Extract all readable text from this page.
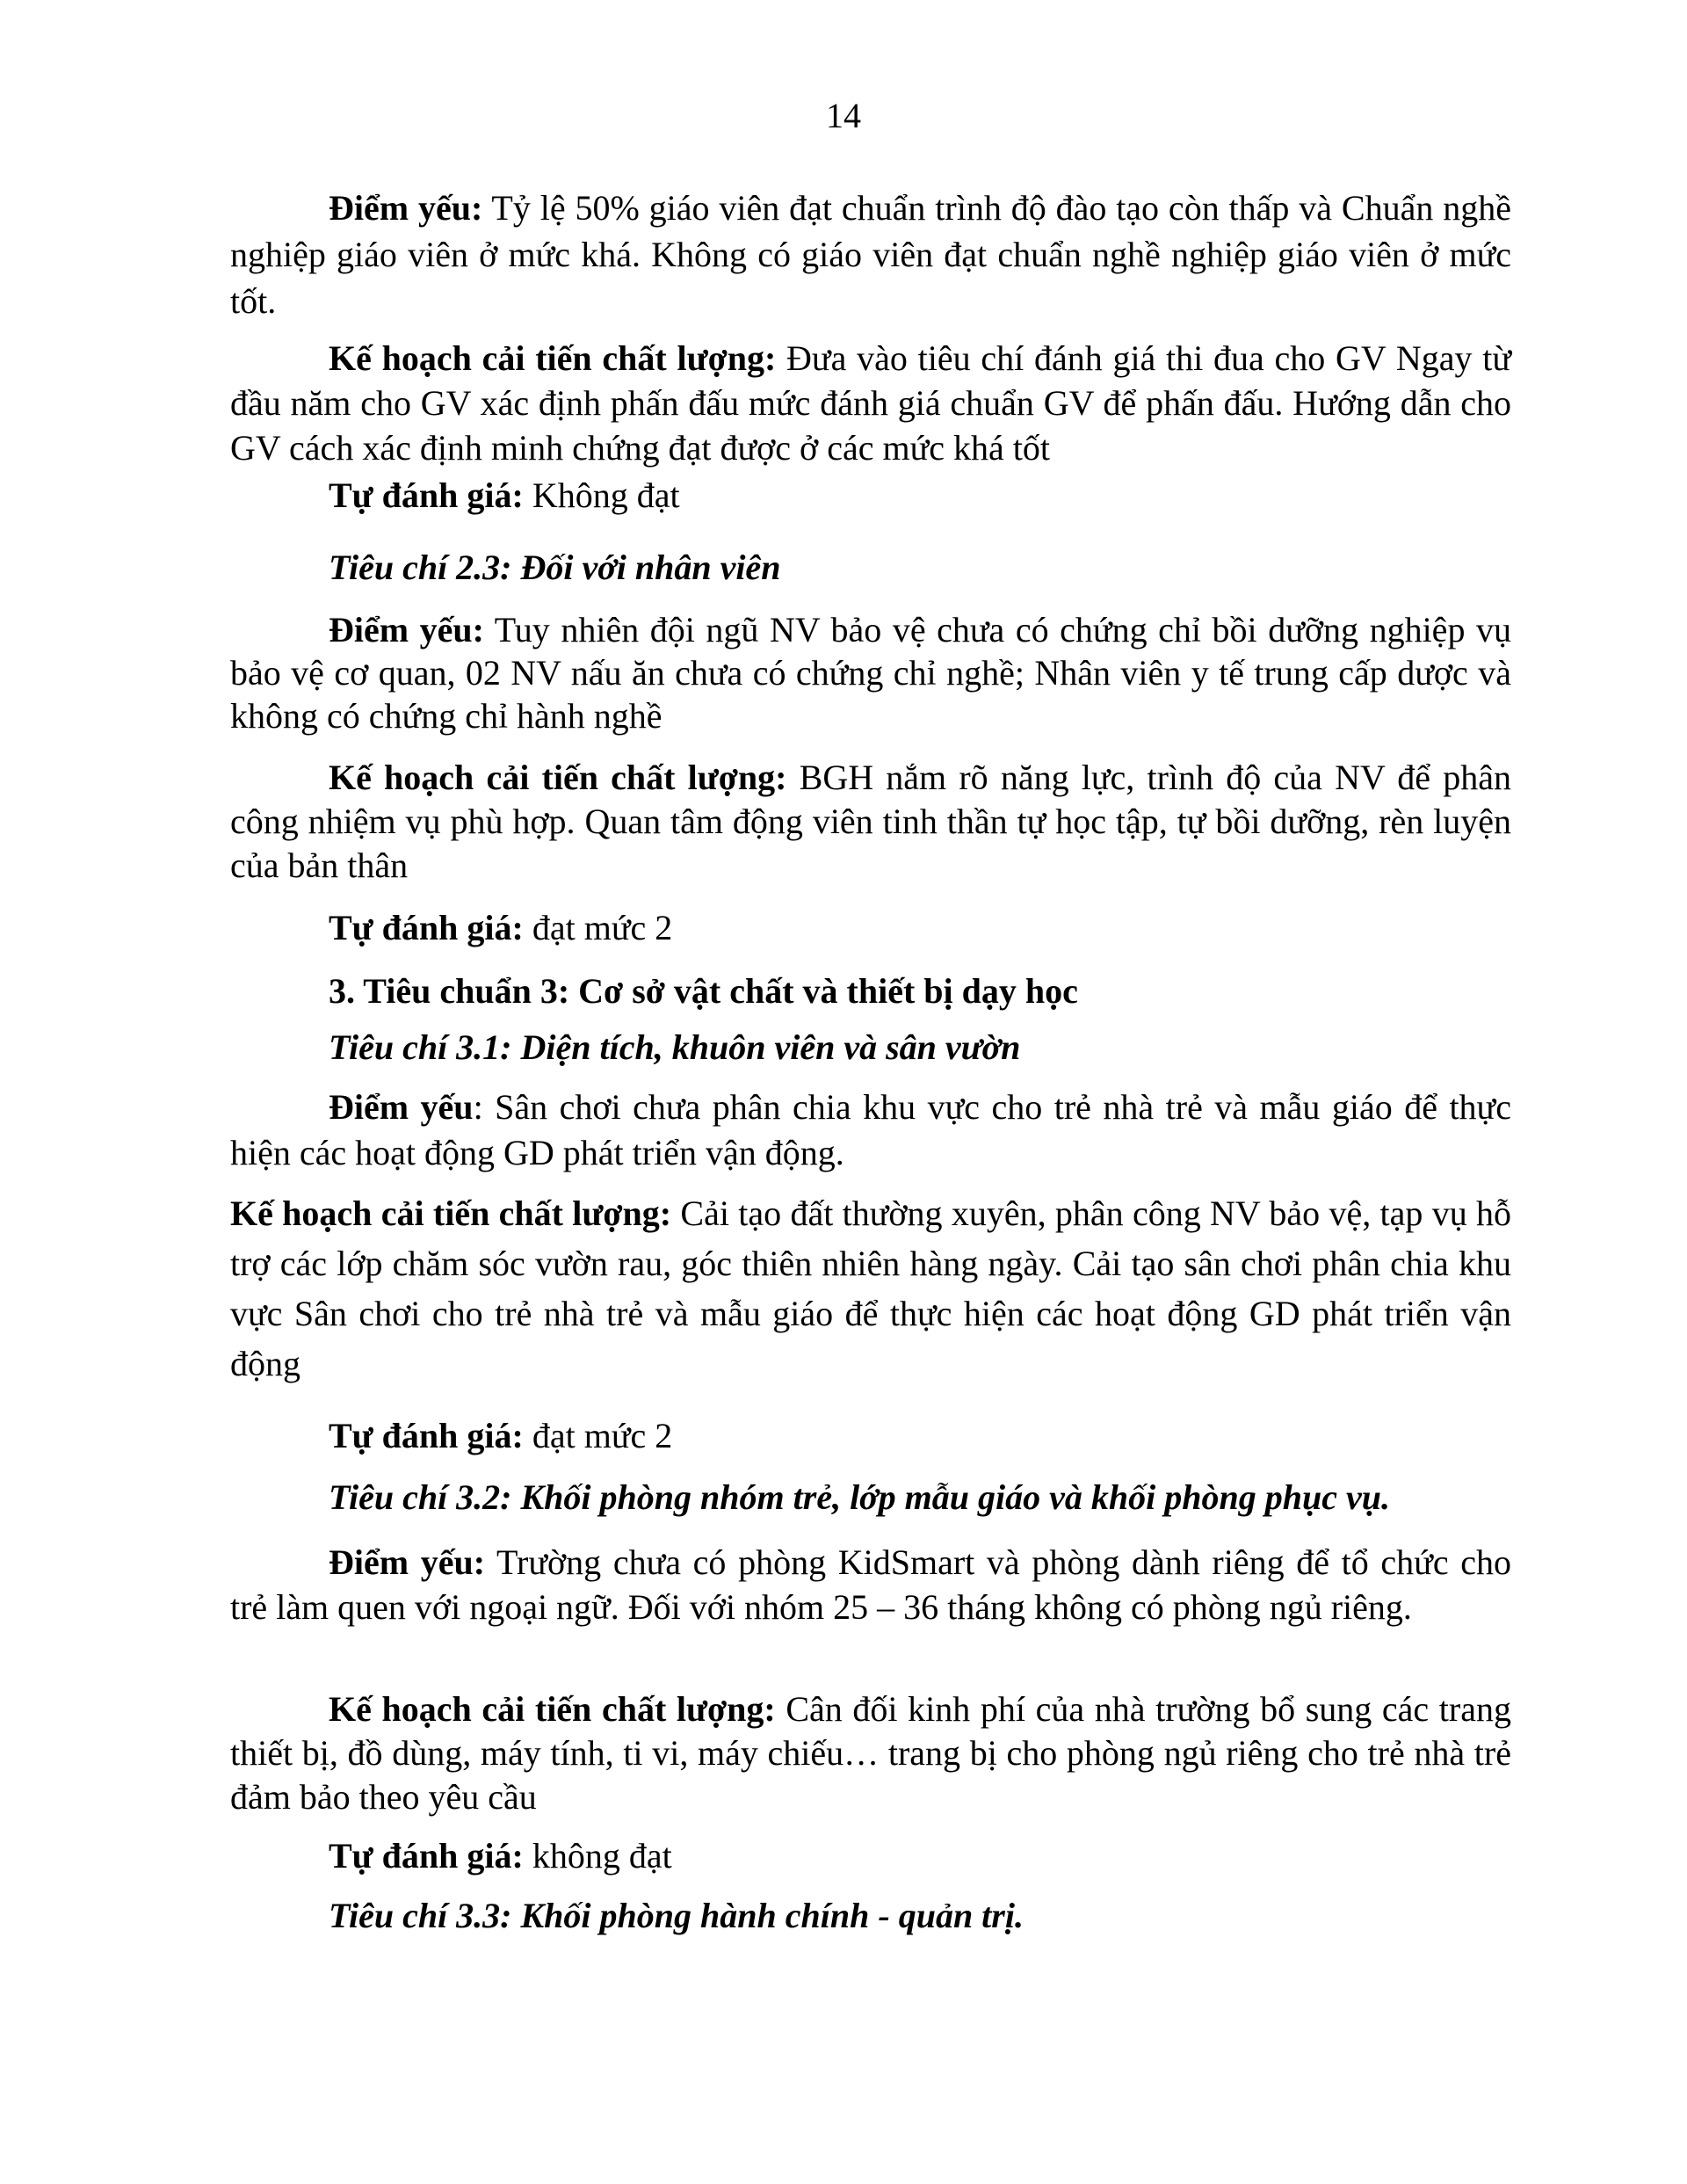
14

Điểm yếu: Tỷ lệ 50% giáo viên đạt chuẩn trình độ đào tạo còn thấp và Chuẩn nghề nghiệp giáo viên ở mức khá. Không có giáo viên đạt chuẩn nghề nghiệp giáo viên ở mức tốt.

Kế hoạch cải tiến chất lượng: Đưa vào tiêu chí đánh giá thi đua cho GV Ngay từ đầu năm cho GV xác định phấn đấu mức đánh giá chuẩn GV để phấn đấu. Hướng dẫn cho GV cách xác định minh chứng đạt được ở các mức khá tốt

Tự đánh giá: Không đạt

Tiêu chí 2.3: Đối với nhân viên

Điểm yếu: Tuy nhiên đội ngũ NV bảo vệ chưa có chứng chỉ bồi dưỡng nghiệp vụ bảo vệ cơ quan, 02 NV nấu ăn chưa có chứng chỉ nghề; Nhân viên y tế trung cấp dược và không có chứng chỉ hành nghề

Kế hoạch cải tiến chất lượng: BGH nắm rõ năng lực, trình độ của NV để phân công nhiệm vụ phù hợp. Quan tâm động viên tinh thần tự học tập, tự bồi dưỡng, rèn luyện của bản thân

Tự đánh giá: đạt mức 2

3. Tiêu chuẩn 3: Cơ sở vật chất và thiết bị dạy học

Tiêu chí 3.1: Diện tích, khuôn viên và sân vườn

Điểm yếu: Sân chơi chưa phân chia khu vực cho trẻ nhà trẻ và mẫu giáo để thực hiện các hoạt động GD phát triển vận động.

Kế hoạch cải tiến chất lượng: Cải tạo đất thường xuyên, phân công NV bảo vệ, tạp vụ hỗ trợ các lớp chăm sóc vườn rau, góc thiên nhiên hàng ngày. Cải tạo sân chơi phân chia khu vực Sân chơi cho trẻ nhà trẻ và mẫu giáo để thực hiện các hoạt động GD phát triển vận động

Tự đánh giá: đạt mức 2

Tiêu chí 3.2: Khối phòng nhóm trẻ, lớp mẫu giáo và khối phòng phục vụ.

Điểm yếu: Trường chưa có phòng KidSmart và phòng dành riêng để tổ chức cho trẻ làm quen với ngoại ngữ. Đối với nhóm 25 – 36 tháng không có phòng ngủ riêng.

Kế hoạch cải tiến chất lượng: Cân đối kinh phí của nhà trường bổ sung các trang thiết bị, đồ dùng, máy tính, ti vi, máy chiếu… trang bị cho phòng ngủ riêng cho trẻ nhà trẻ đảm bảo theo yêu cầu

Tự đánh giá: không đạt

Tiêu chí 3.3: Khối phòng hành chính - quản trị.
